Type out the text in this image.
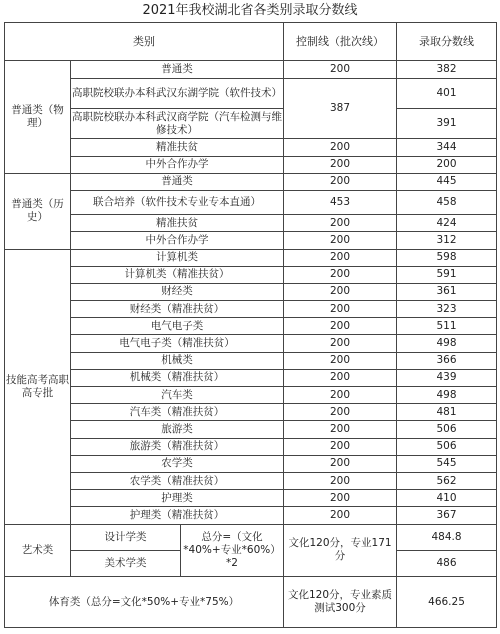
2021年我校湖北省各类别录取分数线
类别			控制线（批次线）	录取分数线
普通类（物理）	普通类		200	382
	高职院校联办本科武汉东湖学院（软件技术）		387	401
	高职院校联办本科武汉商学院（汽车检测与维修技术）			391
	精准扶贫		200	344
	中外合作办学		200	200
普通类（历史）	普通类		200	445
	联合培养（软件技术专业专本直通）		453	458
	精准扶贫		200	424
	中外合作办学		200	312
技能高考高职高专批	计算机类		200	598
	计算机类（精准扶贫）		200	591
	财经类		200	361
	财经类（精准扶贫）		200	323
	电气电子类		200	511
	电气电子类（精准扶贫）		200	498
	机械类		200	366
	机械类（精准扶贫）		200	439
	汽车类		200	498
	汽车类（精准扶贫）		200	481
	旅游类		200	506
	旅游类（精准扶贫）		200	506
	农学类		200	545
	农学类（精准扶贫）		200	562
	护理类		200	410
	护理类（精准扶贫）		200	367
艺术类	设计学类	总分=（文化*40%+专业*60%）*2	文化120分，专业171分	484.8
	美术学类			486
体育类（总分=文化*50%+专业*75%）			文化120分，专业素质测试300分	466.25
